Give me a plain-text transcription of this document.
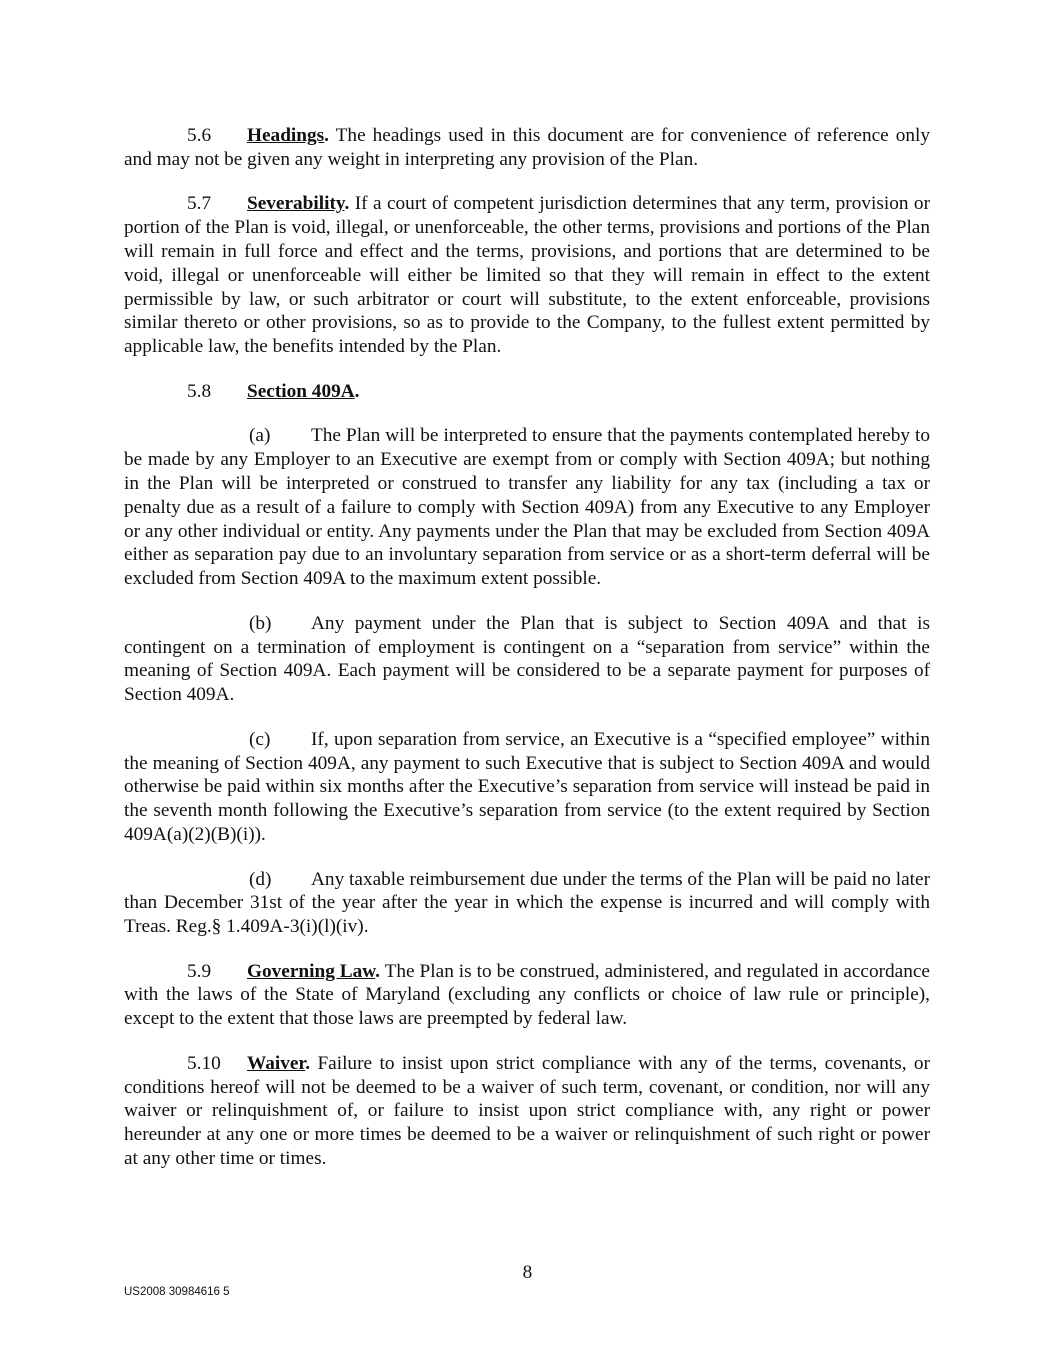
5.6 Headings. The headings used in this document are for convenience of reference only and may not be given any weight in interpreting any provision of the Plan.

5.7 Severability. If a court of competent jurisdiction determines that any term, provision or portion of the Plan is void, illegal, or unenforceable, the other terms, provisions and portions of the Plan will remain in full force and effect and the terms, provisions, and portions that are determined to be void, illegal or unenforceable will either be limited so that they will remain in effect to the extent permissible by law, or such arbitrator or court will substitute, to the extent enforceable, provisions similar thereto or other provisions, so as to provide to the Company, to the fullest extent permitted by applicable law, the benefits intended by the Plan.

5.8 Section 409A.

(a) The Plan will be interpreted to ensure that the payments contemplated hereby to be made by any Employer to an Executive are exempt from or comply with Section 409A; but nothing in the Plan will be interpreted or construed to transfer any liability for any tax (including a tax or penalty due as a result of a failure to comply with Section 409A) from any Executive to any Employer or any other individual or entity. Any payments under the Plan that may be excluded from Section 409A either as separation pay due to an involuntary separation from service or as a short-term deferral will be excluded from Section 409A to the maximum extent possible.

(b) Any payment under the Plan that is subject to Section 409A and that is contingent on a termination of employment is contingent on a “separation from service” within the meaning of Section 409A. Each payment will be considered to be a separate payment for purposes of Section 409A.

(c) If, upon separation from service, an Executive is a “specified employee” within the meaning of Section 409A, any payment to such Executive that is subject to Section 409A and would otherwise be paid within six months after the Executive’s separation from service will instead be paid in the seventh month following the Executive’s separation from service (to the extent required by Section 409A(a)(2)(B)(i)).

(d) Any taxable reimbursement due under the terms of the Plan will be paid no later than December 31st of the year after the year in which the expense is incurred and will comply with Treas. Reg.§ 1.409A-3(i)(l)(iv).

5.9 Governing Law. The Plan is to be construed, administered, and regulated in accordance with the laws of the State of Maryland (excluding any conflicts or choice of law rule or principle), except to the extent that those laws are preempted by federal law.

5.10 Waiver. Failure to insist upon strict compliance with any of the terms, covenants, or conditions hereof will not be deemed to be a waiver of such term, covenant, or condition, nor will any waiver or relinquishment of, or failure to insist upon strict compliance with, any right or power hereunder at any one or more times be deemed to be a waiver or relinquishment of such right or power at any other time or times.

8
US2008 30984616 5
